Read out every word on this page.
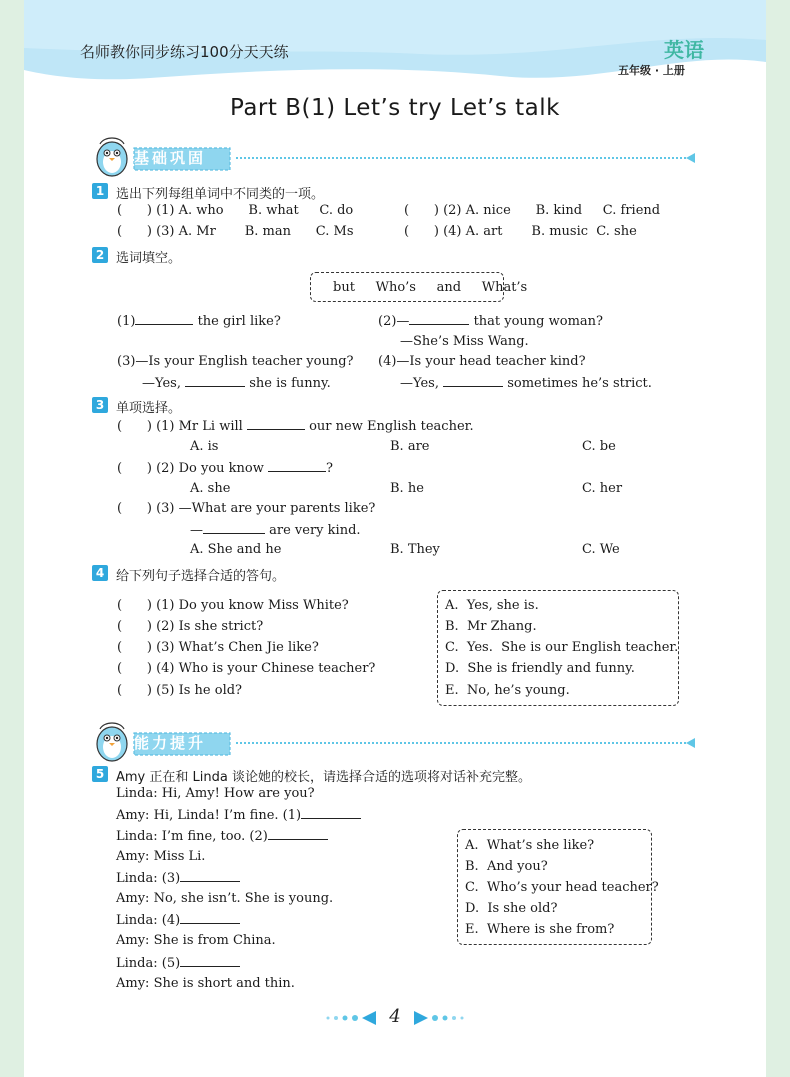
名师教你同步练习100分天天练	英语
五年级 · 上册
Part B(1) Let’s try Let’s talk
基础巩固
1 选出下列每组单词中不同类的一项。
(      ) (1) A. who      B. what     C. do	(      ) (2) A. nice      B. kind     C. friend
(      ) (3) A. Mr       B. man      C. Ms	(      ) (4) A. art       B. music  C. she
2 选词填空。
but     Who’s     and     What’s
(1)	the girl like?	(2)—	that young woman?
—She’s Miss Wang.
(3)—Is your English teacher young? (4)—Is your head teacher kind?
—Yes,	she is funny.	—Yes,	sometimes he’s strict.
3 单项选择。
(      ) (1) Mr Li will	our new English teacher.
A. is	B. are	C. be
(      ) (2) Do you know	?
A. she	B. he	C. her
(      ) (3) —What are your parents like?
—	are very kind.
A. She and he	B. They	C. We
4 给下列句子选择合适的答句。
(      ) (1) Do you know Miss White?
(      ) (2) Is she strict?
(      ) (3) What’s Chen Jie like?
(      ) (4) Who is your Chinese teacher?
(      ) (5) Is he old?
A.  Yes, she is.
B.  Mr Zhang.
C.  Yes.  She is our English teacher.
D.  She is friendly and funny.
E.  No, he’s young.
能力提升
5 Amy 正在和 Linda 谈论她的校长，请选择合适的选项将对话补充完整。
Linda: Hi, Amy! How are you?
Amy: Hi, Linda! I’m fine. (1)
Linda: I’m fine, too. (2)
Amy: Miss Li.
Linda: (3)
Amy: No, she isn’t. She is young.
Linda: (4)
Amy: She is from China.
Linda: (5)
Amy: She is short and thin.
A.  What’s she like?
B.  And you?
C.  Who’s your head teacher?
D.  Is she old?
E.  Where is she from?
4
